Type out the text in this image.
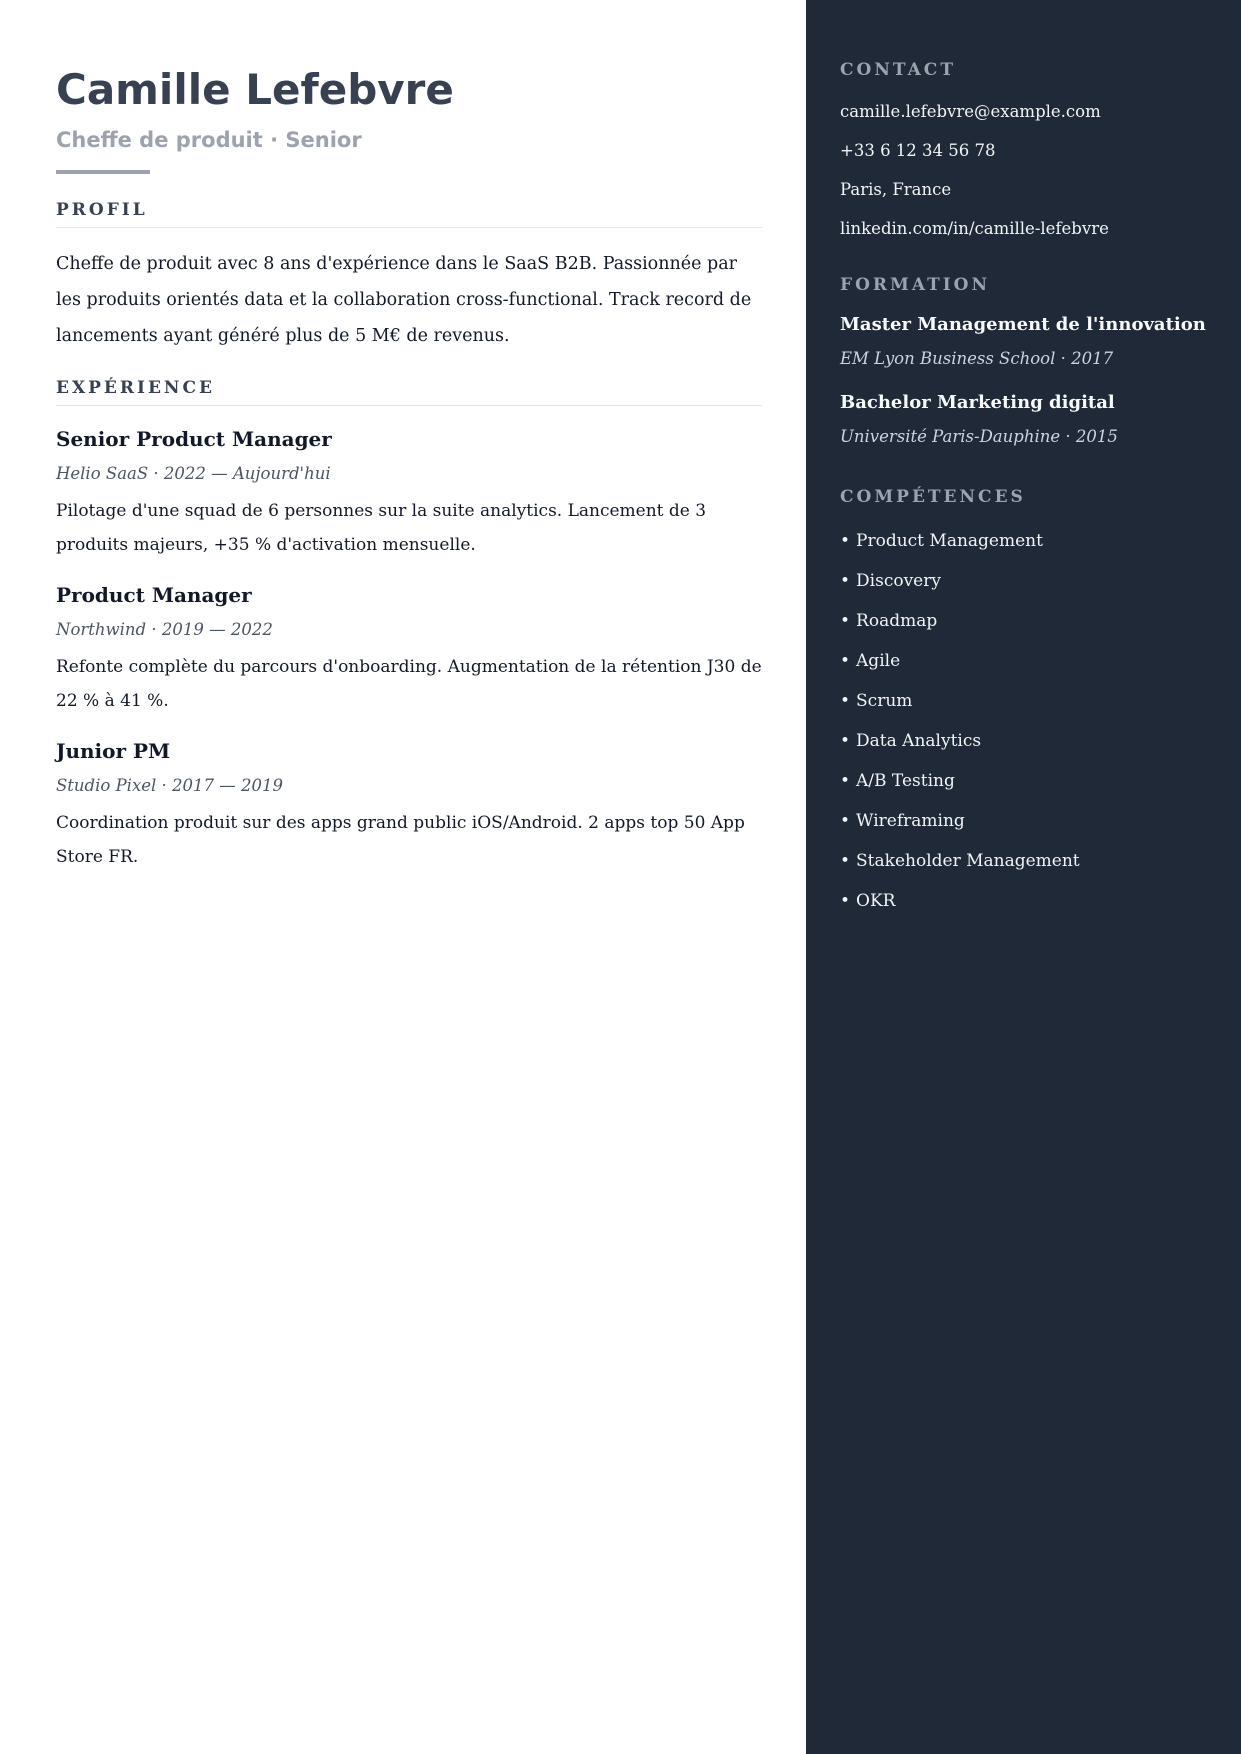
Camille Lefebvre
Cheffe de produit · Senior
PROFIL

Cheffe de produit avec 8 ans d'expérience dans le SaaS B2B. Passionnée par les produits orientés data et la collaboration cross-functional. Track record de lancements ayant généré plus de 5 M€ de revenus.

EXPÉRIENCE
Senior Product Manager
Helio SaaS · 2022 — Aujourd'hui

Pilotage d'une squad de 6 personnes sur la suite analytics. Lancement de 3 produits majeurs, +35 % d'activation mensuelle.

Product Manager
Northwind · 2019 — 2022

Refonte complète du parcours d'onboarding. Augmentation de la rétention J30 de 22 % à 41 %.

Junior PM
Studio Pixel · 2017 — 2019

Coordination produit sur des apps grand public iOS/Android. 2 apps top 50 App Store FR.

CONTACT
camille.lefebvre@example.com
+33 6 12 34 56 78
Paris, France
linkedin.com/in/camille-lefebvre
FORMATION
Master Management de l'innovation
EM Lyon Business School · 2017
Bachelor Marketing digital
Université Paris-Dauphine · 2015
COMPÉTENCES
• Product Management
• Discovery
• Roadmap
• Agile
• Scrum
• Data Analytics
• A/B Testing
• Wireframing
• Stakeholder Management
• OKR
